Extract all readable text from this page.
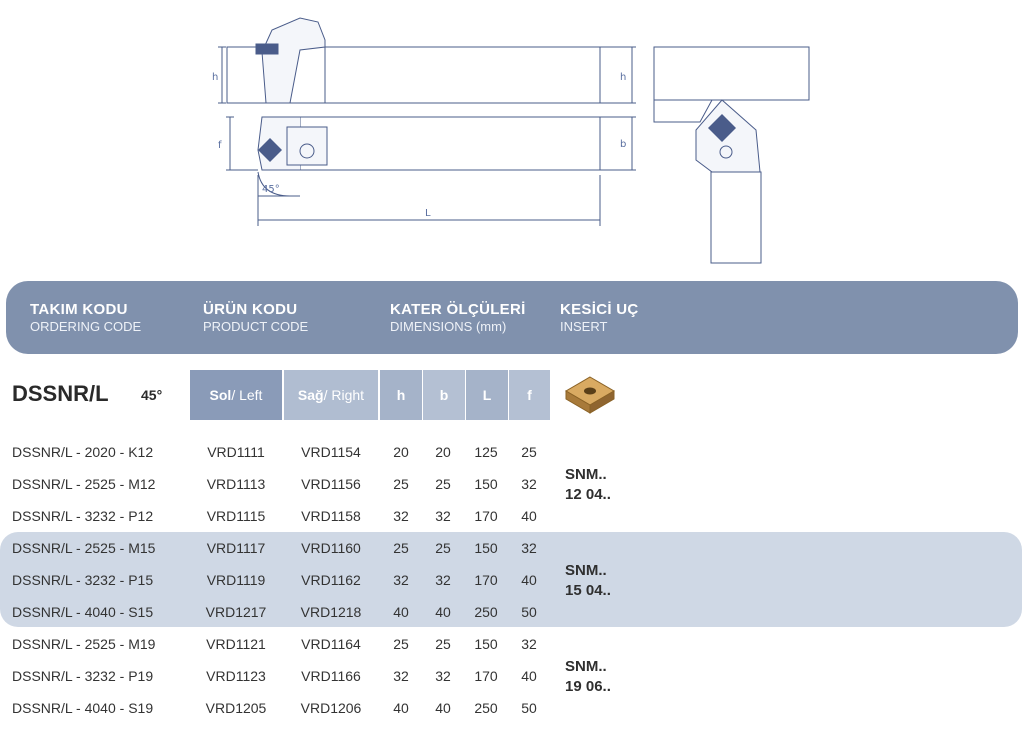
h	h
b
f
L
45°
TAKIM KODU
ORDERING CODE
ÜRÜN KODU
PRODUCT CODE
KATER ÖLÇÜLERİ
DIMENSIONS (mm)
KESİCİ UÇ
INSERT
DSSNR/L 45°	Sol / Left	Sağ / Right	h	b	L	f
DSSNR/L - 2020 - K12	VRD1111	VRD1154	20	20	125	25
DSSNR/L - 2525 - M12	VRD1113	VRD1156	25	25	150	32
DSSNR/L - 3232 - P12	VRD1115	VRD1158	32	32	170	40
DSSNR/L - 2525 - M15	VRD1117	VRD1160	25	25	150	32
DSSNR/L - 3232 - P15	VRD1119	VRD1162	32	32	170	40
DSSNR/L - 4040 - S15	VRD1217	VRD1218	40	40	250	50
DSSNR/L - 2525 - M19	VRD1121	VRD1164	25	25	150	32
DSSNR/L - 3232 - P19	VRD1123	VRD1166	32	32	170	40
DSSNR/L - 4040 - S19	VRD1205	VRD1206	40	40	250	50
SNM..
12 04..
SNM..
15 04..
SNM..
19 06..
